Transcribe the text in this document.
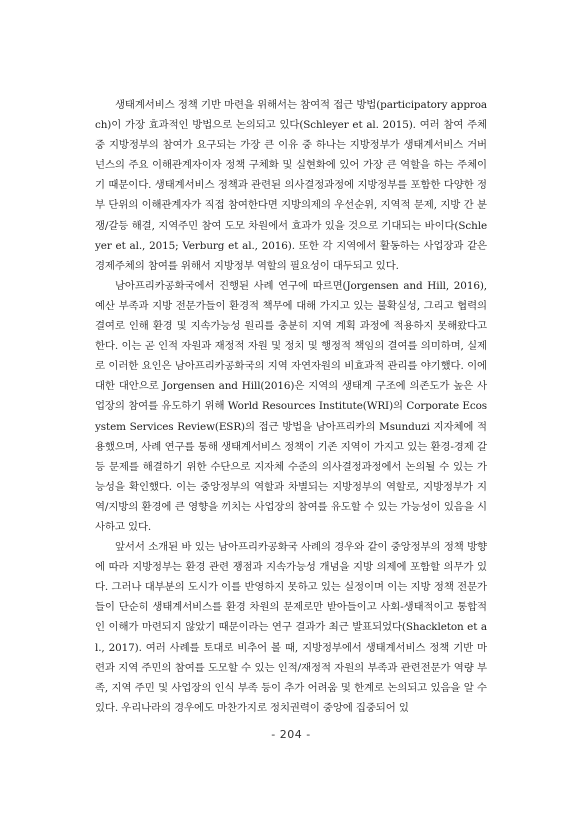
생태계서비스 정책 기반 마련을 위해서는 참여적 접근 방법(participatory approach)이 가장 효과적인 방법으로 논의되고 있다(Schleyer et al. 2015). 여러 참여 주체 중 지방정부의 참여가 요구되는 가장 큰 이유 중 하나는 지방정부가 생태계서비스 거버넌스의 주요 이해관계자이자 정책 구체화 및 실현화에 있어 가장 큰 역할을 하는 주체이기 때문이다. 생태계서비스 정책과 관련된 의사결정과정에 지방정부를 포함한 다양한 정부 단위의 이해관계자가 직접 참여한다면 지방의제의 우선순위, 지역적 문제, 지방 간 분쟁/갈등 해결, 지역주민 참여 도모 차원에서 효과가 있을 것으로 기대되는 바이다(Schleyer et al., 2015; Verburg et al., 2016). 또한 각 지역에서 활동하는 사업장과 같은 경제주체의 참여를 위해서 지방정부 역할의 필요성이 대두되고 있다.

남아프리카공화국에서 진행된 사례 연구에 따르면(Jorgensen and Hill, 2016), 예산 부족과 지방 전문가들이 환경적 책무에 대해 가지고 있는 불확실성, 그리고 협력의 결여로 인해 환경 및 지속가능성 원리를 충분히 지역 계획 과정에 적용하지 못해왔다고 한다. 이는 곧 인적 자원과 재정적 자원 및 정치 및 행정적 책임의 결여를 의미하며, 실제로 이러한 요인은 남아프리카공화국의 지역 자연자원의 비효과적 관리를 야기했다. 이에 대한 대안으로 Jorgensen and Hill(2016)은 지역의 생태계 구조에 의존도가 높은 사업장의 참여를 유도하기 위해 World Resources Institute(WRI)의 Corporate Ecosystem Services Review(ESR)의 접근 방법을 남아프리카의 Msunduzi 지자체에 적용했으며, 사례 연구를 통해 생태계서비스 정책이 기존 지역이 가지고 있는 환경-경제 갈등 문제를 해결하기 위한 수단으로 지자체 수준의 의사결정과정에서 논의될 수 있는 가능성을 확인했다. 이는 중앙정부의 역할과 차별되는 지방정부의 역할로, 지방정부가 지역/지방의 환경에 큰 영향을 끼치는 사업장의 참여를 유도할 수 있는 가능성이 있음을 시사하고 있다.

앞서서 소개된 바 있는 남아프리카공화국 사례의 경우와 같이 중앙정부의 정책 방향에 따라 지방정부는 환경 관련 쟁점과 지속가능성 개념을 지방 의제에 포함할 의무가 있다. 그러나 대부분의 도시가 이를 반영하지 못하고 있는 실정이며 이는 지방 정책 전문가들이 단순히 생태계서비스를 환경 차원의 문제로만 받아들이고 사회-생태적이고 통합적인 이해가 마련되지 않았기 때문이라는 연구 결과가 최근 발표되었다(Shackleton et al., 2017). 여러 사례를 토대로 비추어 볼 때, 지방정부에서 생태계서비스 정책 기반 마련과 지역 주민의 참여를 도모할 수 있는 인적/재정적 자원의 부족과 관련전문가 역량 부족, 지역 주민 및 사업장의 인식 부족 등이 추가 어려움 및 한계로 논의되고 있음을 알 수 있다. 우리나라의 경우에도 마찬가지로 정치권력이 중앙에 집중되어 있

- 204 -
